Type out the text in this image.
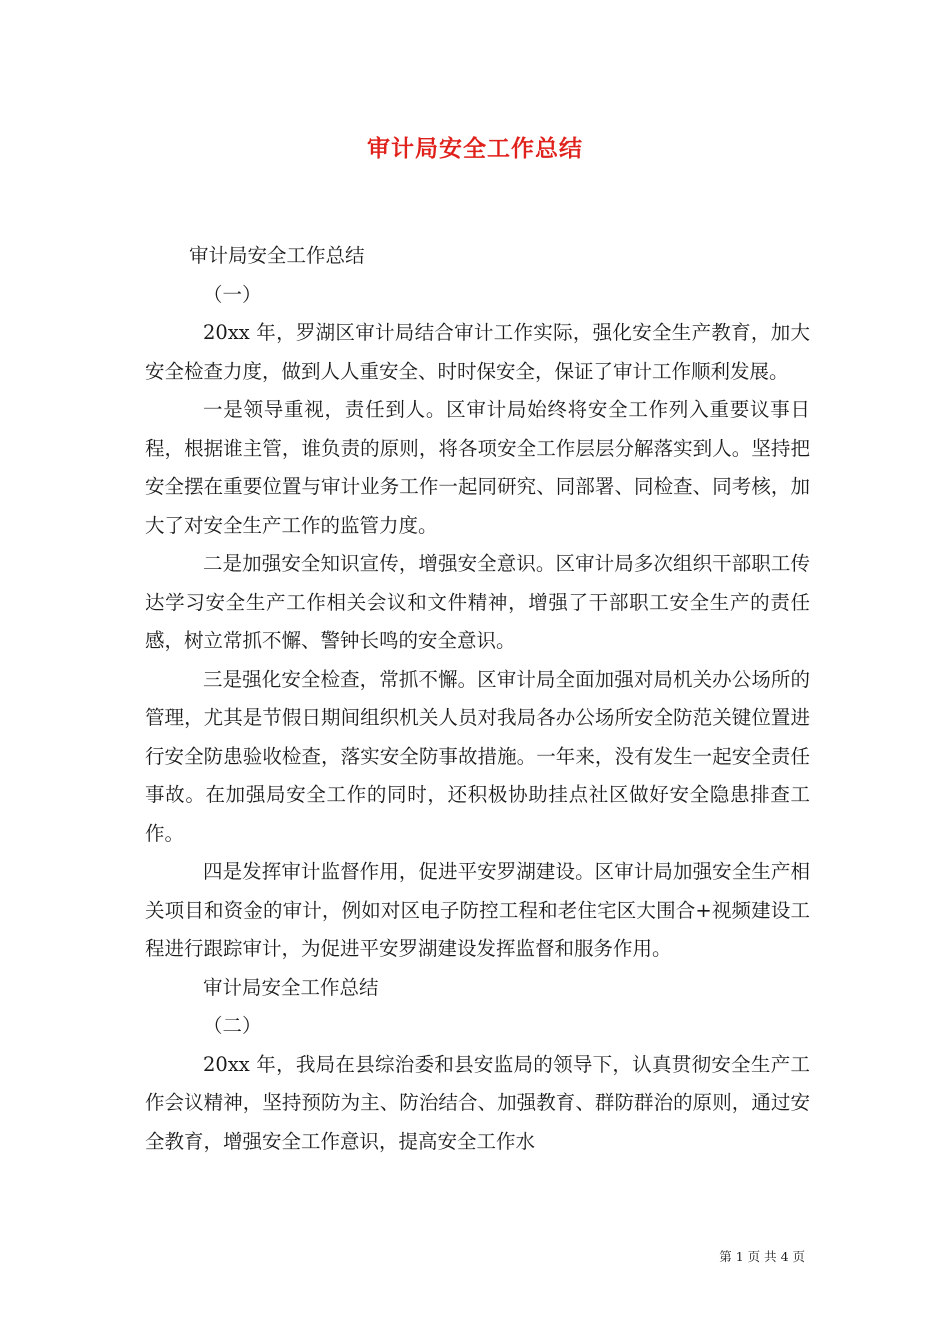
审计局安全工作总结

审计局安全工作总结

（一）

20xx 年，罗湖区审计局结合审计工作实际，强化安全生产教育，加大安全检查力度，做到人人重安全、时时保安全，保证了审计工作顺利发展。

一是领导重视，责任到人。区审计局始终将安全工作列入重要议事日程，根据谁主管，谁负责的原则，将各项安全工作层层分解落实到人。坚持把安全摆在重要位置与审计业务工作一起同研究、同部署、同检查、同考核，加大了对安全生产工作的监管力度。

二是加强安全知识宣传，增强安全意识。区审计局多次组织干部职工传达学习安全生产工作相关会议和文件精神，增强了干部职工安全生产的责任感，树立常抓不懈、警钟长鸣的安全意识。

三是强化安全检查，常抓不懈。区审计局全面加强对局机关办公场所的管理，尤其是节假日期间组织机关人员对我局各办公场所安全防范关键位置进行安全防患验收检查，落实安全防事故措施。一年来，没有发生一起安全责任事故。在加强局安全工作的同时，还积极协助挂点社区做好安全隐患排查工作。

四是发挥审计监督作用，促进平安罗湖建设。区审计局加强安全生产相关项目和资金的审计，例如对区电子防控工程和老住宅区大围合+视频建设工程进行跟踪审计，为促进平安罗湖建设发挥监督和服务作用。

审计局安全工作总结

（二）

20xx 年，我局在县综治委和县安监局的领导下，认真贯彻安全生产工作会议精神，坚持预防为主、防治结合、加强教育、群防群治的原则，通过安全教育，增强安全工作意识，提高安全工作水

第 1 页 共 4 页
